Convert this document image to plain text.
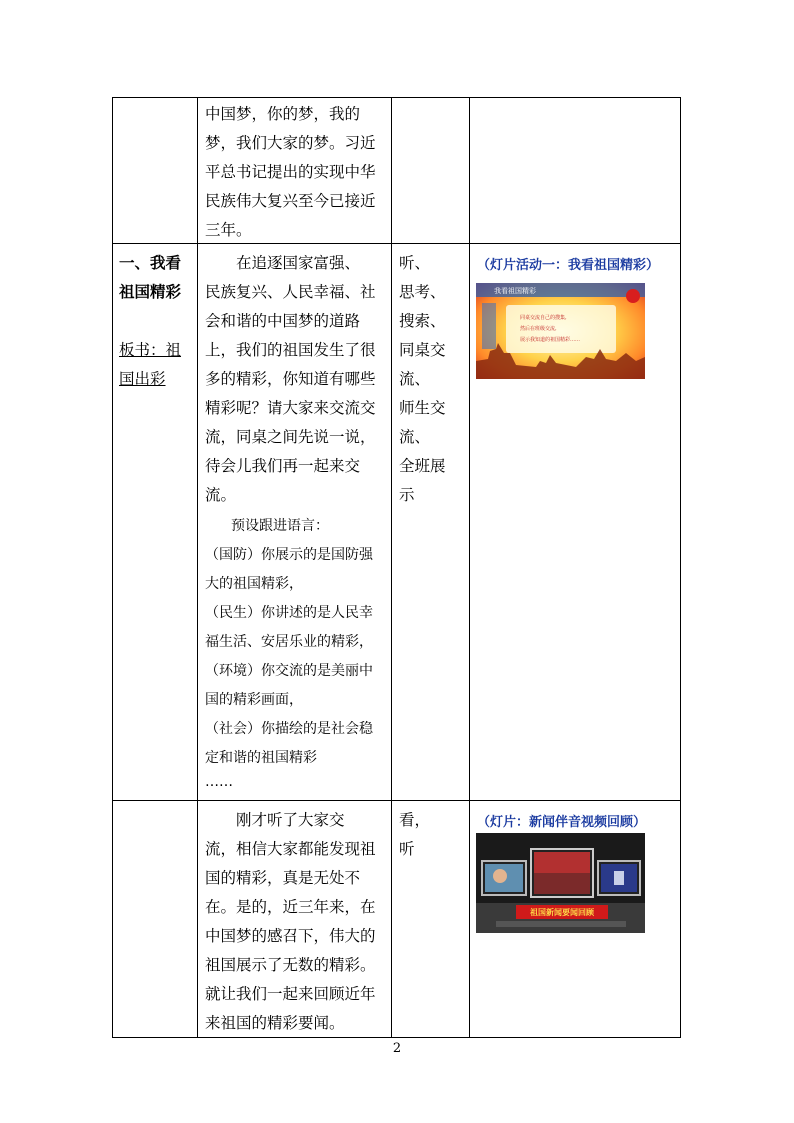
中国梦，你的梦，我的
梦，我们大家的梦。习近
平总书记提出的实现中华
民族伟大复兴至今已接近
三年。
一、我看
祖国精彩
板书：祖
国出彩
　　在追逐国家富强、
民族复兴、人民幸福、社
会和谐的中国梦的道路
上，我们的祖国发生了很
多的精彩，你知道有哪些
精彩呢？请大家来交流交
流，同桌之间先说一说，
待会儿我们再一起来交
流。
预设跟进语言：
（国防）你展示的是国防强
大的祖国精彩，
（民生）你讲述的是人民幸
福生活、安居乐业的精彩，
（环境）你交流的是美丽中
国的精彩画面，
（社会）你描绘的是社会稳
定和谐的祖国精彩
……
听、
思考、
搜索、
同桌交
流、
师生交
流、
全班展
示
（灯片活动一：我看祖国精彩）
我看祖国精彩
同桌交流自己的搜集,
然后在班级交流,
展示我知道的祖国精彩……
　　刚才听了大家交
流，相信大家都能发现祖
国的精彩，真是无处不
在。是的，近三年来，在
中国梦的感召下，伟大的
祖国展示了无数的精彩。
就让我们一起来回顾近年
来祖国的精彩要闻。
看，
听
（灯片：新闻伴音视频回顾）
祖国新闻要闻回顾
2
